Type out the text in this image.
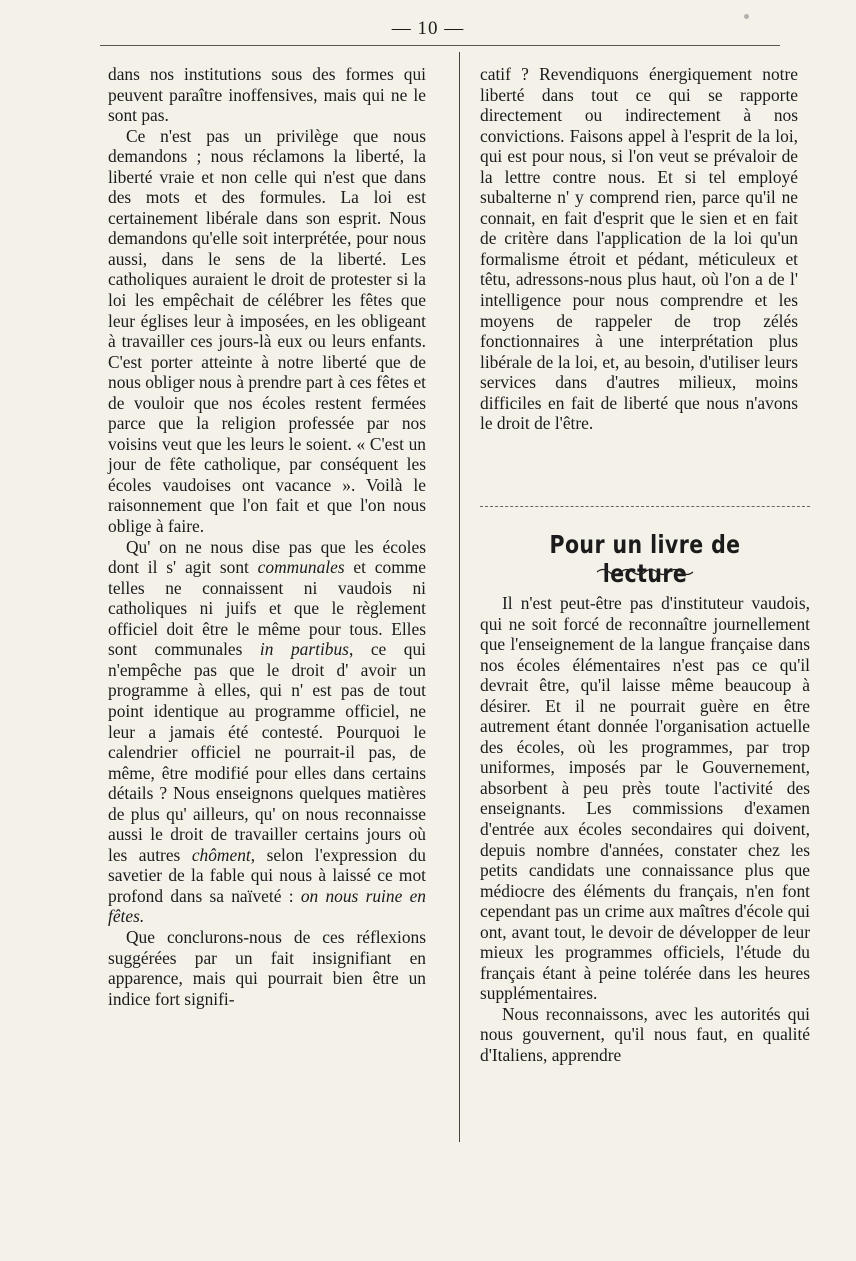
— 10 —

dans nos institutions sous des formes qui peuvent paraître inoffensives, mais qui ne le sont pas.

Ce n'est pas un privilège que nous demandons ; nous réclamons la liberté, la liberté vraie et non celle qui n'est que dans des mots et des formules. La loi est certainement libérale dans son esprit. Nous demandons qu'elle soit interprétée, pour nous aussi, dans le sens de la liberté. Les catholiques auraient le droit de protester si la loi les empêchait de célébrer les fêtes que leur églises leur à imposées, en les obligeant à travailler ces jours-là eux ou leurs enfants. C'est porter atteinte à notre liberté que de nous obliger nous à prendre part à ces fêtes et de vouloir que nos écoles restent fermées parce que la religion professée par nos voisins veut que les leurs le soient. « C'est un jour de fête catholique, par conséquent les écoles vaudoises ont vacance ». Voilà le raisonnement que l'on fait et que l'on nous oblige à faire.

Qu' on ne nous dise pas que les écoles dont il s' agit sont communales et comme telles ne connaissent ni vaudois ni catholiques ni juifs et que le règlement officiel doit être le même pour tous. Elles sont communales in partibus, ce qui n'empêche pas que le droit d' avoir un programme à elles, qui n' est pas de tout point identique au programme officiel, ne leur a jamais été contesté. Pourquoi le calendrier officiel ne pourrait-il pas, de même, être modifié pour elles dans certains détails ? Nous enseignons quelques matières de plus qu' ailleurs, qu' on nous reconnaisse aussi le droit de travailler certains jours où les autres chôment, selon l'expression du savetier de la fable qui nous à laissé ce mot profond dans sa naïveté : on nous ruine en fêtes.

Que conclurons-nous de ces réflexions suggérées par un fait insignifiant en apparence, mais qui pourrait bien être un indice fort signifi-

catif ? Revendiquons énergiquement notre liberté dans tout ce qui se rapporte directement ou indirectement à nos convictions. Faisons appel à l'esprit de la loi, qui est pour nous, si l'on veut se prévaloir de la lettre contre nous. Et si tel employé subalterne n' y comprend rien, parce qu'il ne connait, en fait d'esprit que le sien et en fait de critère dans l'application de la loi qu'un formalisme étroit et pédant, méticuleux et têtu, adressons-nous plus haut, où l'on a de l' intelligence pour nous comprendre et les moyens de rappeler de trop zélés fonctionnaires à une interprétation plus libérale de la loi, et, au besoin, d'utiliser leurs services dans d'autres milieux, moins difficiles en fait de liberté que nous n'avons le droit de l'être.

Pour un livre de lecture

Il n'est peut-être pas d'instituteur vaudois, qui ne soit forcé de reconnaître journellement que l'enseignement de la langue française dans nos écoles élémentaires n'est pas ce qu'il devrait être, qu'il laisse même beaucoup à désirer. Et il ne pourrait guère en être autrement étant donnée l'organisation actuelle des écoles, où les programmes, par trop uniformes, imposés par le Gouvernement, absorbent à peu près toute l'activité des enseignants. Les commissions d'examen d'entrée aux écoles secondaires qui doivent, depuis nombre d'années, constater chez les petits candidats une connaissance plus que médiocre des éléments du français, n'en font cependant pas un crime aux maîtres d'école qui ont, avant tout, le devoir de développer de leur mieux les programmes officiels, l'étude du français étant à peine tolérée dans les heures supplémentaires.

Nous reconnaissons, avec les autorités qui nous gouvernent, qu'il nous faut, en qualité d'Italiens, apprendre
